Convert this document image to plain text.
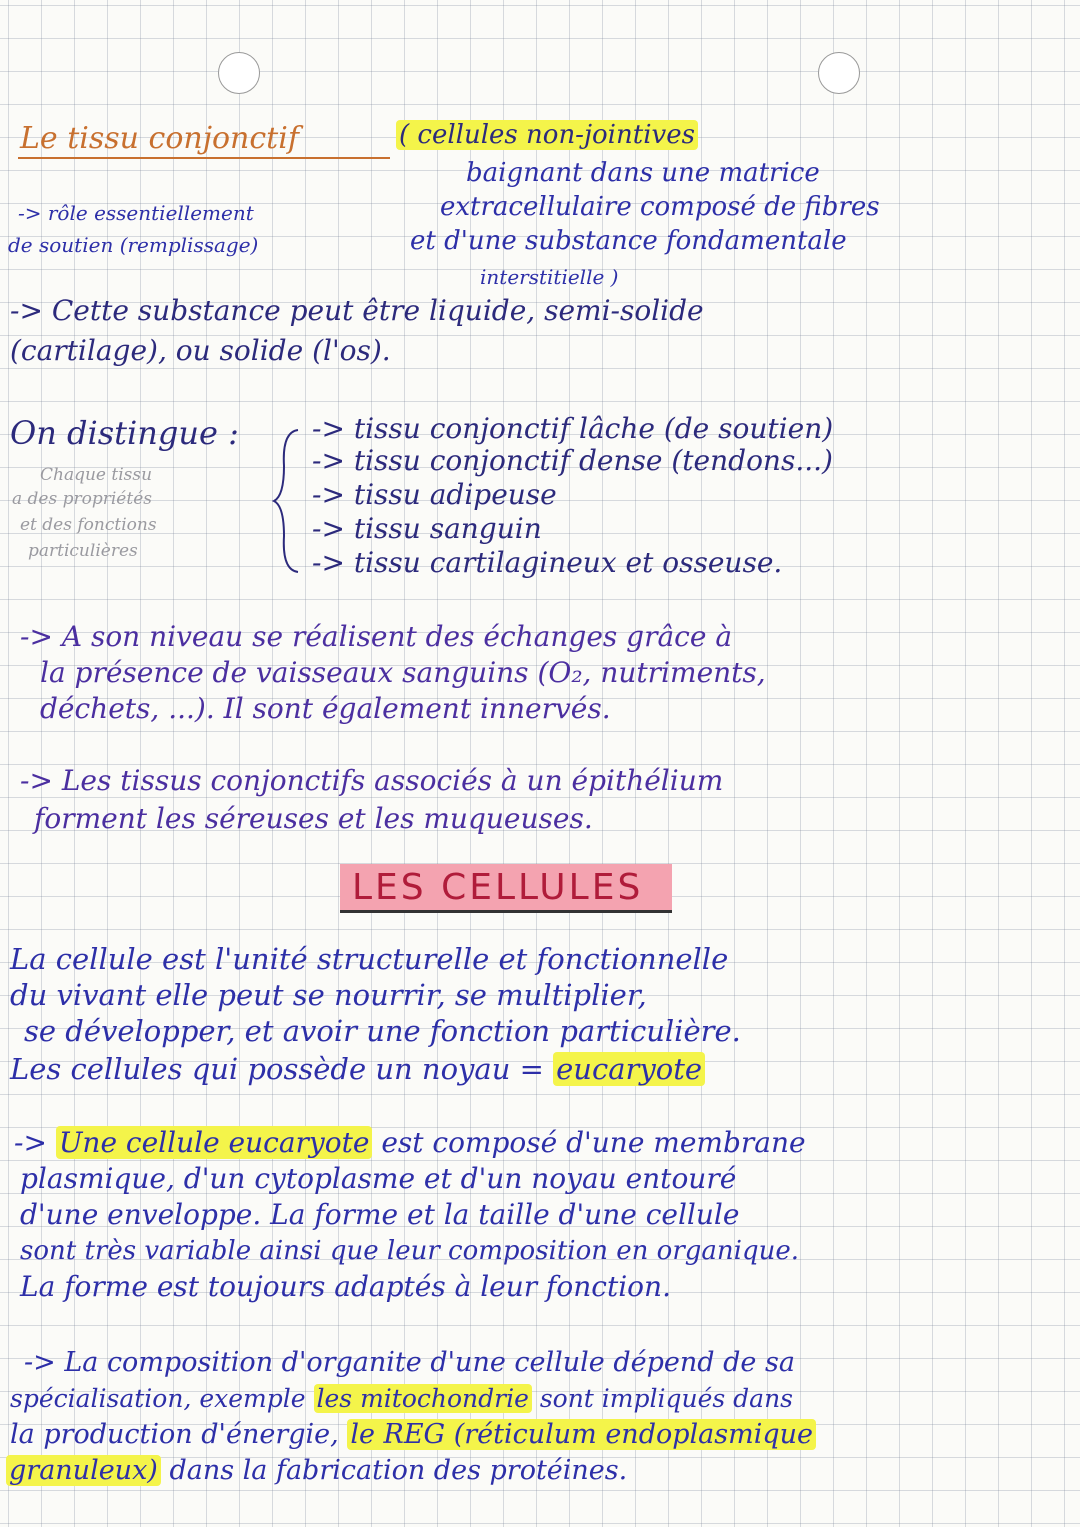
Le tissu conjonctif	( cellules non-jointives
baignant dans une matrice
-> rôle essentiellement	extracellulaire composé de fibres
de soutien (remplissage)	et d'une substance fondamentale
interstitielle )
-> Cette substance peut être liquide, semi-solide
(cartilage), ou solide (l'os).
On distingue :	-> tissu conjonctif lâche (de soutien)
-> tissu conjonctif dense (tendons...)
-> tissu adipeuse
-> tissu sanguin
-> tissu cartilagineux et osseuse.
Chaque tissu
a des propriétés
et des fonctions
particulières
-> A son niveau se réalisent des échanges grâce à
la présence de vaisseaux sanguins (O₂, nutriments,
déchets, ...). Il sont également innervés.
-> Les tissus conjonctifs associés à un épithélium
forment les séreuses et les muqueuses.
LES CELLULES
La cellule est l'unité structurelle et fonctionnelle
du vivant elle peut se nourrir, se multiplier,
se développer, et avoir une fonction particulière.
Les cellules qui possède un noyau = eucaryote
-> Une cellule eucaryote est composé d'une membrane
plasmique, d'un cytoplasme et d'un noyau entouré
d'une enveloppe. La forme et la taille d'une cellule
sont très variable ainsi que leur composition en organique.
La forme est toujours adaptés à leur fonction.
-> La composition d'organite d'une cellule dépend de sa
spécialisation, exemple les mitochondrie sont impliqués dans
la production d'énergie, le REG (réticulum endoplasmique
granuleux) dans la fabrication des protéines.
